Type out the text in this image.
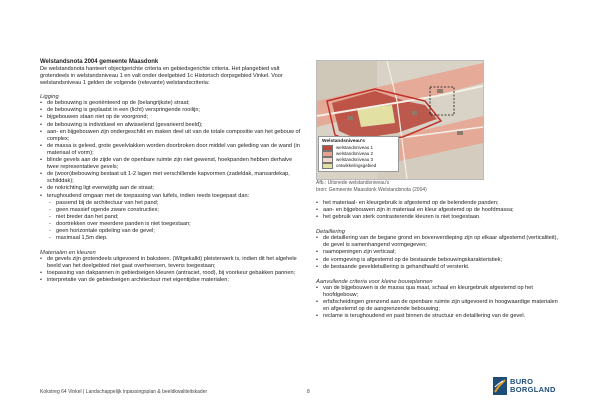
Welstandsnota 2004 gemeente Maasdonk
De welstandsnota hanteert objectgerichte criteria en gebiedsgerichte criteria. Het plangebied valt grotendeels in welstandsniveau 1 en valt onder deelgebied 1c Historisch dorpsgebied Vinkel. Voor welstandsniveau 1 gelden de volgende (relevante) welstandscriteria:
Ligging
• de bebouwing is georiënteerd op de (belangrijkste) straat;
• de bebouwing is geplaatst in een (licht) verspringende rooilijn;
• bijgebouwen staan niet op de voorgrond;
• de bebouwing is individueel en afwisselend (gevarieerd beeld);
• aan- en bijgebouwen zijn ondergeschikt en maken deel uit van de totale compositie van het gebouw of complex;
• de massa is geleed, grote gevelvlakken worden doorbroken door middel van geleding van de wand (in materiaal of vorm);
• blinde gevels aan de zijde van de openbare ruimte zijn niet gewenst, hoekpanden hebben derhalve twee representatieve gevels;
• de (woon)bebouwing bestaat uit 1-2 lagen met verschillende kapvormen (zadeldak, mansardekap, schilddak);
• de nokrichting ligt evenwijdig aan de straat;
• terughoudend omgaan met de toepassing van luifels, indien reeds toegepast dan:
- passend bij de architectuur van het pand;
- geen massief ogende zware constructies;
- niet breder dan het pand;
- doortrekken over meerdere panden is niet toegestaan;
- geen horizontale opdeling van de gevel;
- maximaal 1,5m diep.
Materialen en kleuren
• de gevels zijn grotendeels uitgevoerd in baksteen. (Witgekalkt) pleisterwerk is, indien dit het algehele beeld van het deelgebied niet gaat overheersen, tevens toegestaan;
• toepassing van dakpannen in gebiedseigen kleuren (antraciet, rood), bij voorkeur gebakken pannen;
• interpretatie van de gebiedseigen architectuur met eigentijdse materialen;
Welstandsniveau's
welstandsniveau 1
welstandsniveau 2
welstandsniveau 3
ontwikkelingsgebied
Afb.: Uitsnede welstandsniveau's
bron: Gemeente Maasdonk Welstandsnota (2004)
• het materiaal- en kleurgebruik is afgestemd op de belendende panden;
• aan- en bijgebouwen zijn in materiaal en kleur afgestemd op de hoofdmassa;
• het gebruik van sterk contrasterende kleuren is niet toegestaan.
Detaillering
• de detaillering van de begane grond en bovenverdieping zijn op elkaar afgestemd (verticaliteit), de gevel is samenhangend vormgegeven;
• raamopeningen zijn verticaal;
• de vormgeving is afgestemd op de bestaande bebouwingskarakteristiek;
• de bestaande geveldetaillering is gehandhaafd of versterkt.
Aanvullende criteria voor kleine bouwplannen
• van de bijgebouwen is de massa qua maat, schaal en kleurgebruik afgestemd op het hoofdgebouw;
• erfafscheidingen grenzend aan de openbare ruimte zijn uitgevoerd in hoogwaardige materialen en afgestemd op de aangrenzende bebouwing;
• reclame is terughoudend en past binnen de structuur en detaillering van de gevel.
Kokstreg 64 Vinkel | Landschappelijk inpassingsplan & beeldkwaliteitskader	8
BURO
BORGLAND
